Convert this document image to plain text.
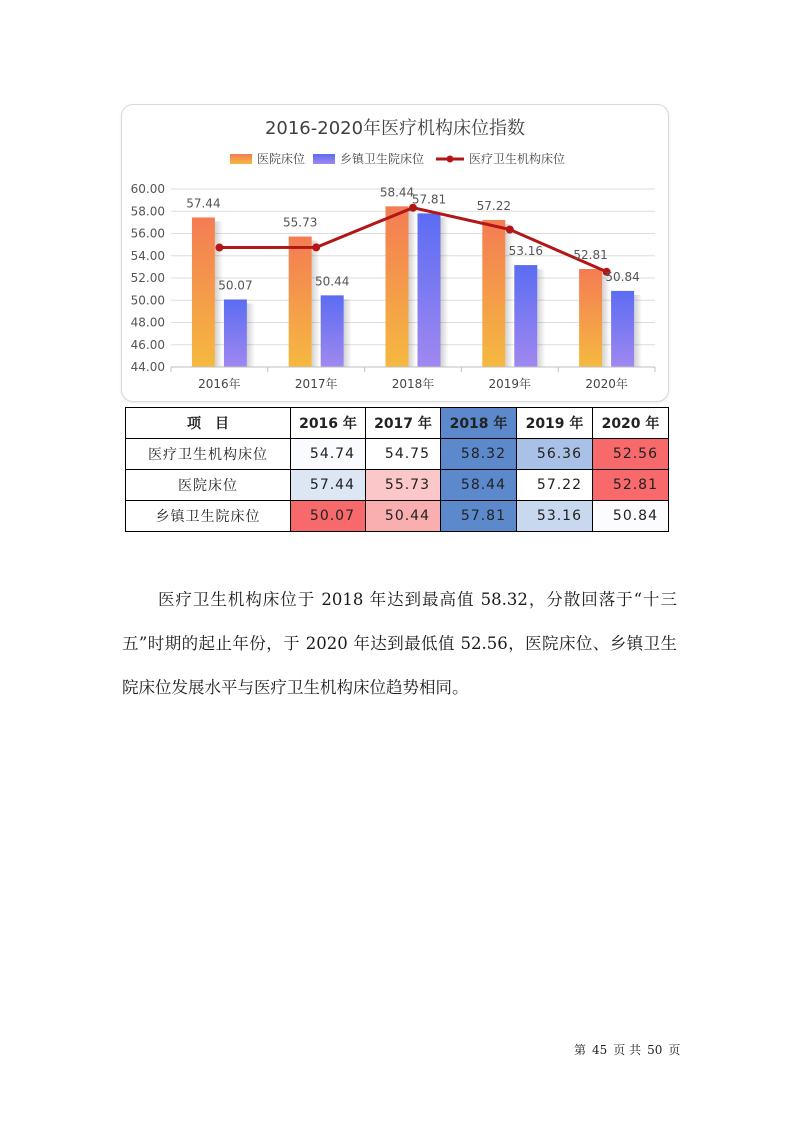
2016-2020年医疗机构床位指数
医院床位	乡镇卫生院床位	医疗卫生机构床位
44.00
46.00
48.00
50.00
52.00
54.00
56.00
58.00
60.00
57.44
55.73
58.44
57.22
52.81
50.07	50.44
57.81
53.16
50.84
2016年	2017年	2018年	2019年	2020年
项　目	2016 年	2017 年	2018 年	2019 年	2020 年
医疗卫生机构床位	54.74	54.75	58.32	56.36	52.56
医院床位	57.44	55.73	58.44	57.22	52.81
乡镇卫生院床位	50.07	50.44	57.81	53.16	50.84

医疗卫生机构床位于 2018 年达到最高值 58.32，分散回落于“十三五”时期的起止年份，于 2020 年达到最低值 52.56，医院床位、乡镇卫生院床位发展水平与医疗卫生机构床位趋势相同。

第 45 页 共 50 页
